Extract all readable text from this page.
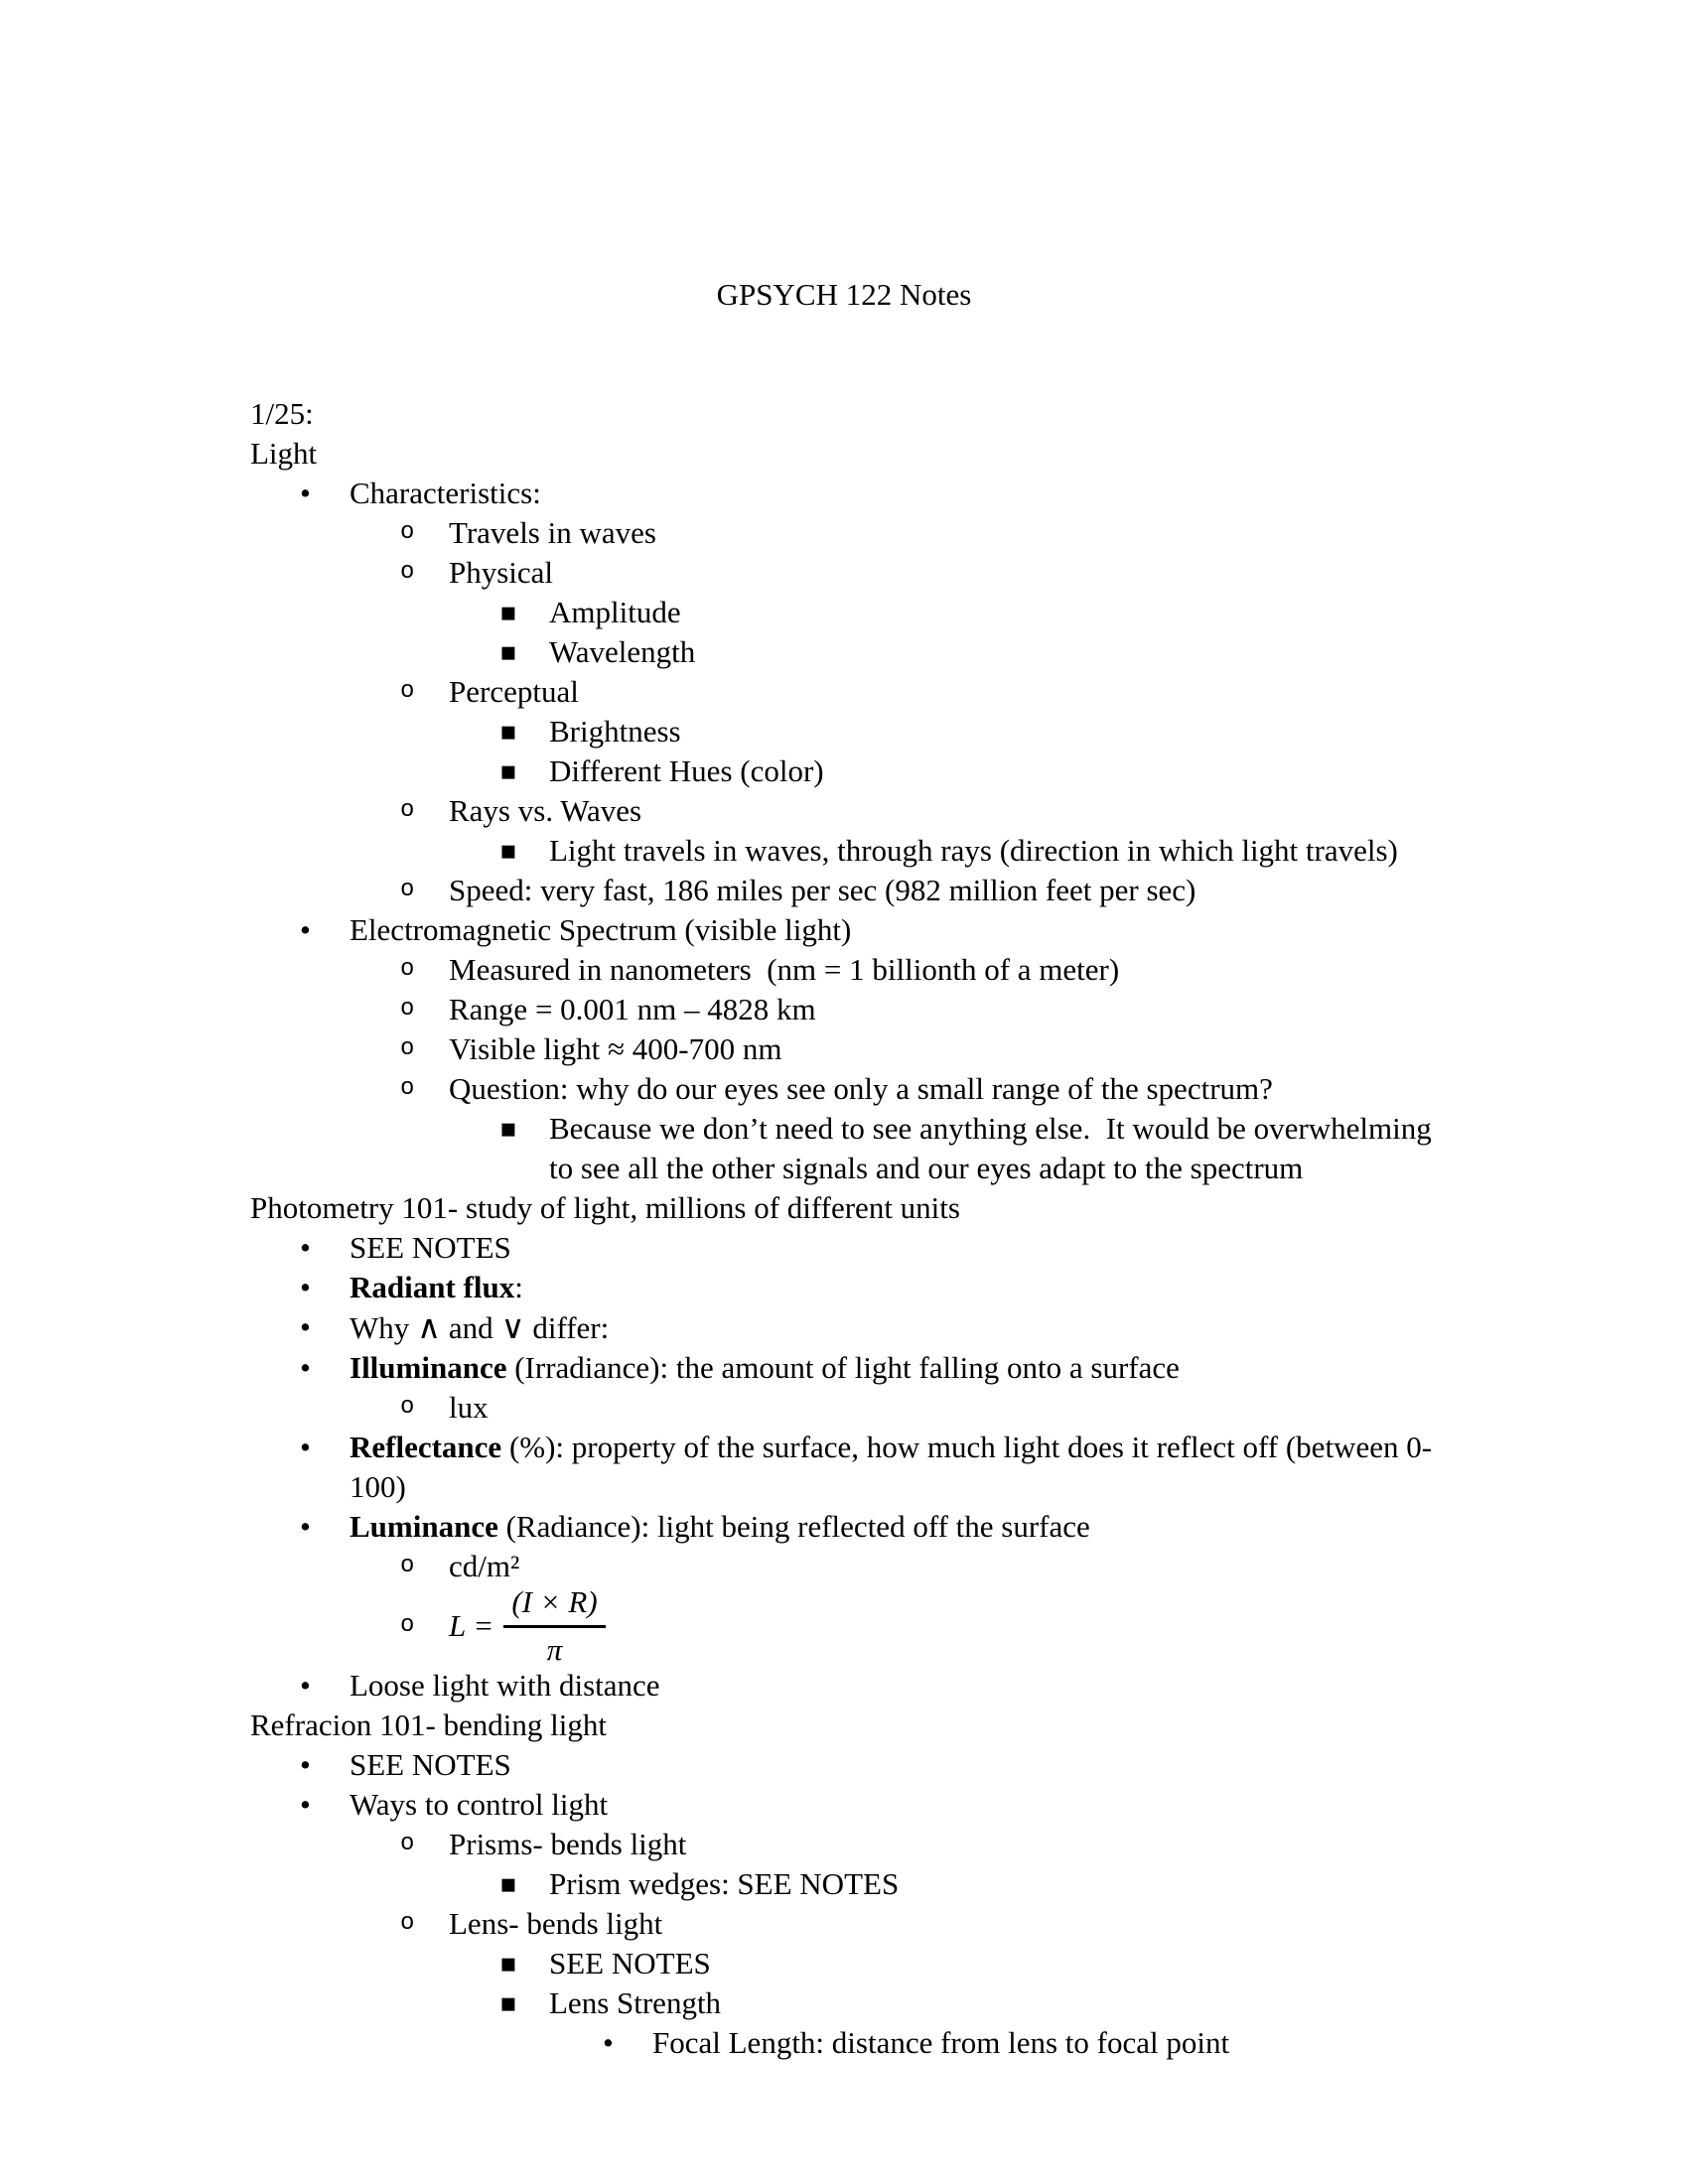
GPSYCH 122 Notes

1/25:
Light
• Characteristics:
o Travels in waves
o Physical
▪ Amplitude
▪ Wavelength
o Perceptual
▪ Brightness
▪ Different Hues (color)
o Rays vs. Waves
▪ Light travels in waves, through rays (direction in which light travels)
o Speed: very fast, 186 miles per sec (982 million feet per sec)
• Electromagnetic Spectrum (visible light)
o Measured in nanometers  (nm = 1 billionth of a meter)
o Range = 0.001 nm – 4828 km
o Visible light ≈ 400-700 nm
o Question: why do our eyes see only a small range of the spectrum?
▪ Because we don’t need to see anything else.  It would be overwhelming to see all the other signals and our eyes adapt to the spectrum
Photometry 101- study of light, millions of different units
• SEE NOTES
• Radiant flux:
• Why ∧ and ∨ differ:
• Illuminance (Irradiance): the amount of light falling onto a surface
o lux
• Reflectance (%): property of the surface, how much light does it reflect off (between 0-100)
• Luminance (Radiance): light being reflected off the surface
o cd/m²
o $L = \frac{(I \times R)}{\pi}$
• Loose light with distance
Refracion 101- bending light
• SEE NOTES
• Ways to control light
o Prisms- bends light
▪ Prism wedges: SEE NOTES
o Lens- bends light
▪ SEE NOTES
▪ Lens Strength
• Focal Length: distance from lens to focal point
